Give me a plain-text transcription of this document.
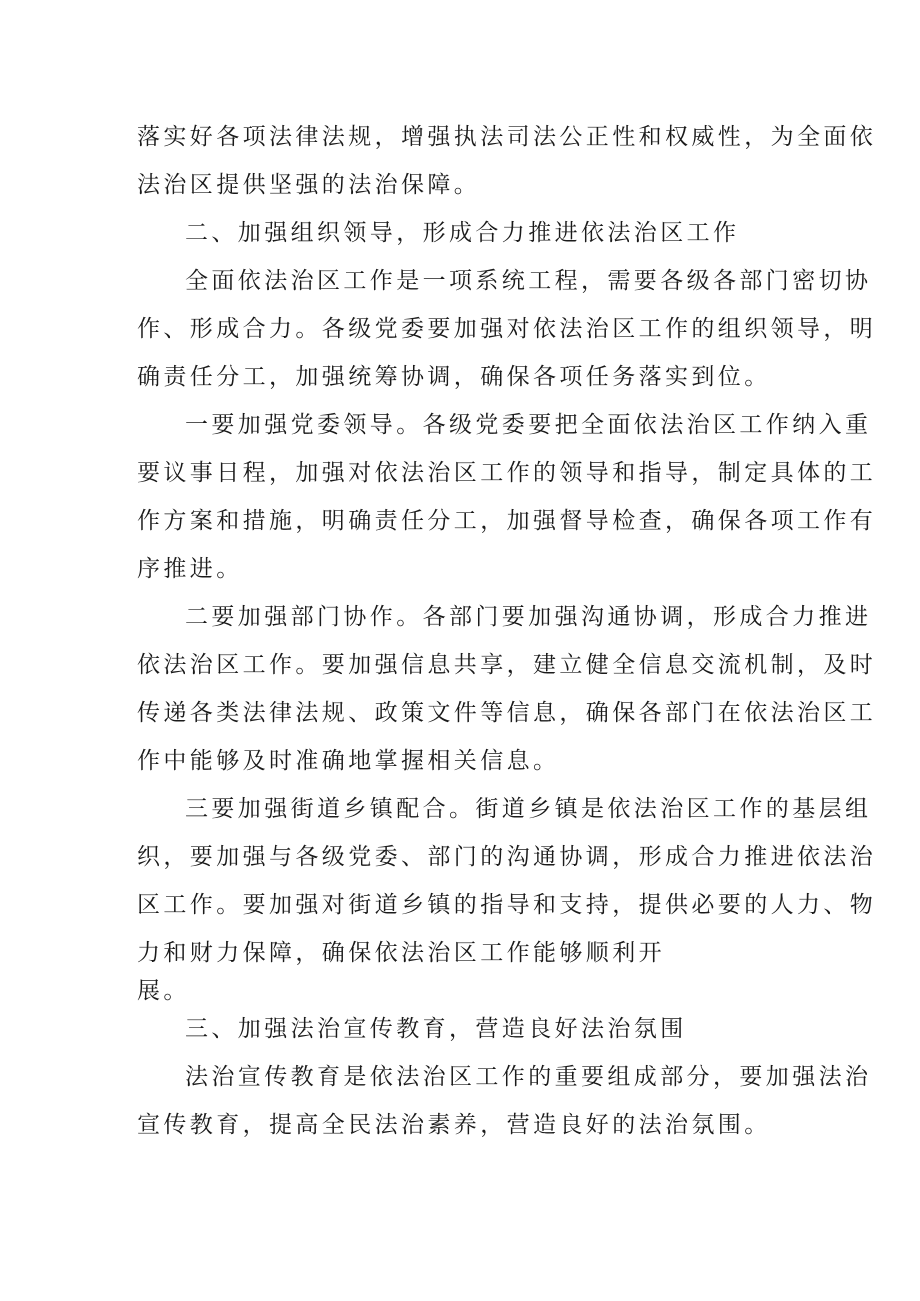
落实好各项法律法规，增强执法司法公正性和权威性，为全面依
法治区提供坚强的法治保障。
二、加强组织领导，形成合力推进依法治区工作
全面依法治区工作是一项系统工程，需要各级各部门密切协
作、形成合力。各级党委要加强对依法治区工作的组织领导，明
确责任分工，加强统筹协调，确保各项任务落实到位。
一要加强党委领导。各级党委要把全面依法治区工作纳入重
要议事日程，加强对依法治区工作的领导和指导，制定具体的工
作方案和措施，明确责任分工，加强督导检查，确保各项工作有
序推进。
二要加强部门协作。各部门要加强沟通协调，形成合力推进
依法治区工作。要加强信息共享，建立健全信息交流机制，及时
传递各类法律法规、政策文件等信息，确保各部门在依法治区工
作中能够及时准确地掌握相关信息。
三要加强街道乡镇配合。街道乡镇是依法治区工作的基层组
织，要加强与各级党委、部门的沟通协调，形成合力推进依法治
区工作。要加强对街道乡镇的指导和支持，提供必要的人力、物
力和财力保障，确保依法治区工作能够顺利开
展。
三、加强法治宣传教育，营造良好法治氛围
法治宣传教育是依法治区工作的重要组成部分，要加强法治
宣传教育，提高全民法治素养，营造良好的法治氛围。
